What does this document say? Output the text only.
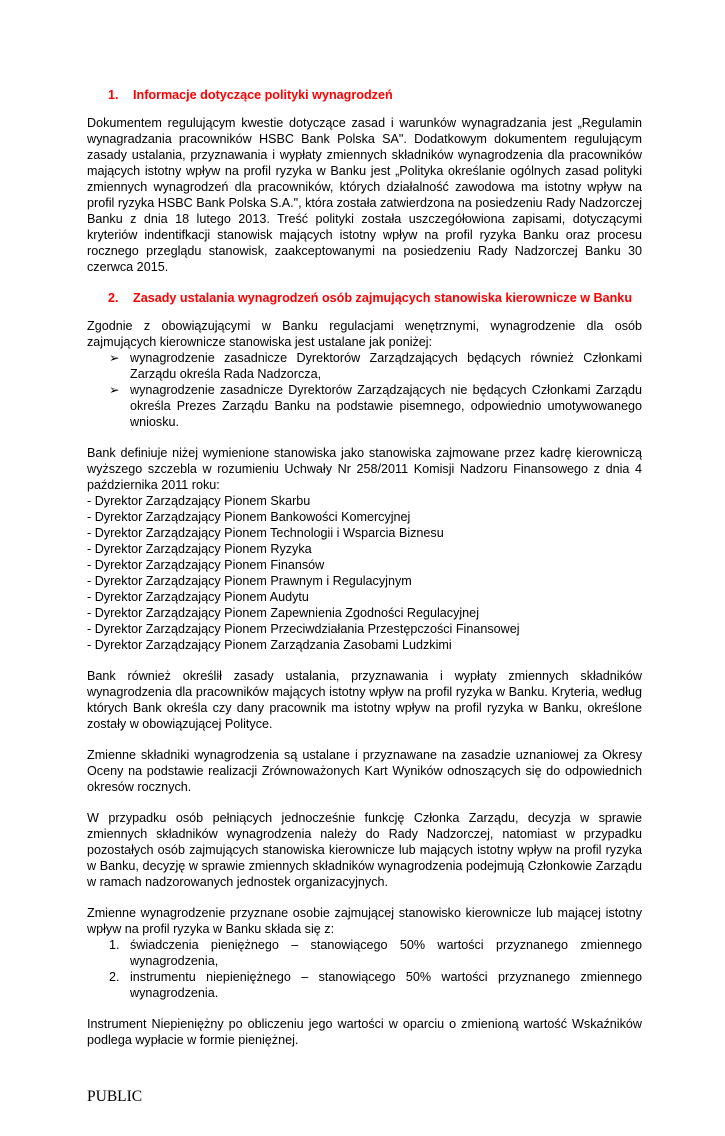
1. Informacje dotyczące polityki wynagrodzeń

Dokumentem regulującym kwestie dotyczące zasad i warunków wynagradzania jest „Regulamin wynagradzania pracowników HSBC Bank Polska SA". Dodatkowym dokumentem regulującym zasady ustalania, przyznawania i wypłaty zmiennych składników wynagrodzenia dla pracowników mających istotny wpływ na profil ryzyka w Banku jest „Polityka określanie ogólnych zasad polityki zmiennych wynagrodzeń dla pracowników, których działalność zawodowa ma istotny wpływ na profil ryzyka HSBC Bank Polska S.A.", która została zatwierdzona na posiedzeniu Rady Nadzorczej Banku z dnia 18 lutego 2013. Treść polityki została uszczegółowiona zapisami, dotyczącymi kryteriów indentifkacji stanowisk mających istotny wpływ na profil ryzyka Banku oraz procesu rocznego przeglądu stanowisk, zaakceptowanymi na posiedzeniu Rady Nadzorczej Banku 30 czerwca 2015.

2. Zasady ustalania wynagrodzeń osób zajmujących stanowiska kierownicze w Banku

Zgodnie z obowiązującymi w Banku regulacjami wenętrznymi, wynagrodzenie dla osób zajmujących kierownicze stanowiska jest ustalane jak poniżej:

➢ wynagrodzenie zasadnicze Dyrektorów Zarządzających będących również Członkami Zarządu określa Rada Nadzorcza,

➢ wynagrodzenie zasadnicze Dyrektorów Zarządzających nie będących Członkami Zarządu określa Prezes Zarządu Banku na podstawie pisemnego, odpowiednio umotywowanego wniosku.

Bank definiuje niżej wymienione stanowiska jako stanowiska zajmowane przez kadrę kierowniczą wyższego szczebla w rozumieniu Uchwały Nr 258/2011 Komisji Nadzoru Finansowego z dnia 4 października 2011 roku:

- Dyrektor Zarządzający Pionem Skarbu

- Dyrektor Zarządzający Pionem Bankowości Komercyjnej

- Dyrektor Zarządzający Pionem Technologii i Wsparcia Biznesu

- Dyrektor Zarządzający Pionem Ryzyka

- Dyrektor Zarządzający Pionem Finansów

- Dyrektor Zarządzający Pionem Prawnym i Regulacyjnym

- Dyrektor Zarządzający Pionem Audytu

- Dyrektor Zarządzający Pionem Zapewnienia Zgodności Regulacyjnej

- Dyrektor Zarządzający Pionem Przeciwdziałania Przestępczości Finansowej

- Dyrektor Zarządzający Pionem Zarządzania Zasobami Ludzkimi

Bank również określił zasady ustalania, przyznawania i wypłaty zmiennych składników wynagrodzenia dla pracowników mających istotny wpływ na profil ryzyka w Banku. Kryteria, według których Bank określa czy dany pracownik ma istotny wpływ na profil ryzyka w Banku, określone zostały w obowiązującej Polityce.

Zmienne składniki wynagrodzenia są ustalane i przyznawane na zasadzie uznaniowej za Okresy Oceny na podstawie realizacji Zrównoważonych Kart Wyników odnoszących się do odpowiednich okresów rocznych.

W przypadku osób pełniących jednocześnie funkcję Członka Zarządu, decyzja w sprawie zmiennych składników wynagrodzenia należy do Rady Nadzorczej, natomiast w przypadku pozostałych osób zajmujących stanowiska kierownicze lub mających istotny wpływ na profil ryzyka w Banku, decyzję w sprawie zmiennych składników wynagrodzenia podejmują Członkowie Zarządu w ramach nadzorowanych jednostek organizacyjnych.

Zmienne wynagrodzenie przyznane osobie zajmującej stanowisko kierownicze lub mającej istotny wpływ na profil ryzyka w Banku składa się z:

1. świadczenia pieniężnego – stanowiącego 50% wartości przyznanego zmiennego wynagrodzenia,

2. instrumentu niepieniężnego – stanowiącego 50% wartości przyznanego zmiennego wynagrodzenia.

Instrument Niepieniężny po obliczeniu jego wartości w oparciu o zmienioną wartość Wskaźników podlega wypłacie w formie pieniężnej.

PUBLIC
